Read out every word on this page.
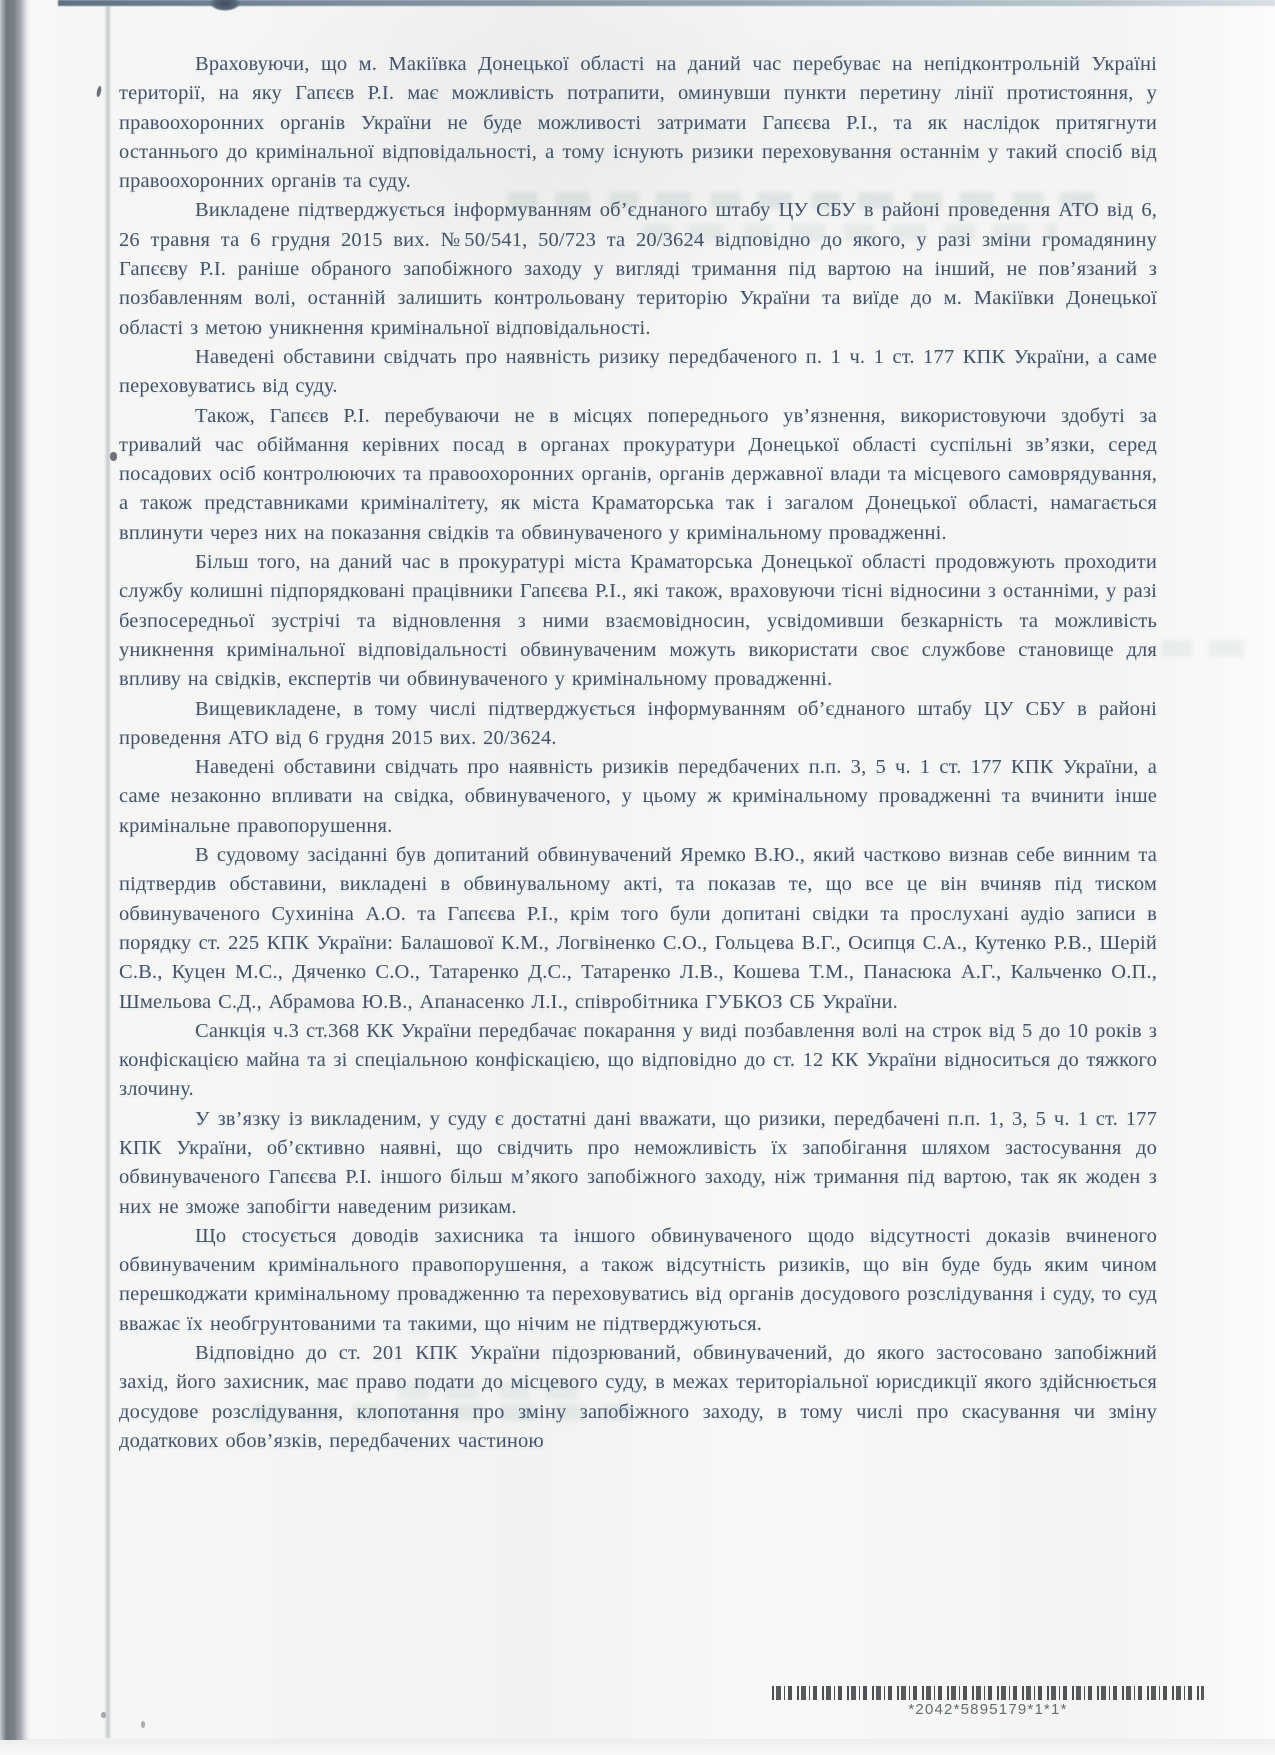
Враховуючи, що м. Макіївка Донецької області на даний час перебуває на непідконтрольній Україні території, на яку Гапєєв Р.І. має можливість потрапити, оминувши пункти перетину лінії протистояння, у правоохоронних органів України не буде можливості затримати Гапєєва Р.І., та як наслідок притягнути останнього до кримінальної відповідальності, а тому існують ризики переховування останнім у такий спосіб від правоохоронних органів та суду.

Викладене підтверджується інформуванням об’єднаного штабу ЦУ СБУ в районі проведення АТО від 6, 26 травня та 6 грудня 2015 вих. №50/541, 50/723 та 20/3624 відповідно до якого, у разі зміни громадянину Гапєєву Р.І. раніше обраного запобіжного заходу у вигляді тримання під вартою на інший, не пов’язаний з позбавленням волі, останній залишить контрольовану територію України та виїде до м. Макіївки Донецької області з метою уникнення кримінальної відповідальності.

Наведені обставини свідчать про наявність ризику передбаченого п. 1 ч. 1 ст. 177 КПК України, а саме переховуватись від суду.

Також, Гапєєв Р.І. перебуваючи не в місцях попереднього ув’язнення, використовуючи здобуті за тривалий час обіймання керівних посад в органах прокуратури Донецької області суспільні зв’язки, серед посадових осіб контролюючих та правоохоронних органів, органів державної влади та місцевого самоврядування, а також представниками криміналітету, як міста Краматорська так і загалом Донецької області, намагається вплинути через них на показання свідків та обвинуваченого у кримінальному провадженні.

Більш того, на даний час в прокуратурі міста Краматорська Донецької області продовжують проходити службу колишні підпорядковані працівники Гапєєва Р.І., які також, враховуючи тісні відносини з останніми, у разі безпосередньої зустрічі та відновлення з ними взаємовідносин, усвідомивши безкарність та можливість уникнення кримінальної відповідальності обвинуваченим можуть використати своє службове становище для впливу на свідків, експертів чи обвинуваченого у кримінальному провадженні.

Вищевикладене, в тому числі підтверджується інформуванням об’єднаного штабу ЦУ СБУ в районі проведення АТО від 6 грудня 2015 вих. 20/3624.

Наведені обставини свідчать про наявність ризиків передбачених п.п. 3, 5 ч. 1 ст. 177 КПК України, а саме незаконно впливати на свідка, обвинуваченого, у цьому ж кримінальному провадженні та вчинити інше кримінальне правопорушення.

В судовому засіданні був допитаний обвинувачений Яремко В.Ю., який частково визнав себе винним та підтвердив обставини, викладені в обвинувальному акті, та показав те, що все це він вчиняв під тиском обвинуваченого Сухиніна А.О. та Гапєєва Р.І., крім того були допитані свідки та прослухані аудіо записи в порядку ст. 225 КПК України: Балашової К.М., Логвіненко С.О., Гольцева В.Г., Осипця С.А., Кутенко Р.В., Шерій С.В., Куцен М.С., Дяченко С.О., Татаренко Д.С., Татаренко Л.В., Кошева Т.М., Панасюка А.Г., Кальченко О.П., Шмельова С.Д., Абрамова Ю.В., Апанасенко Л.І., співробітника ГУБКОЗ СБ України.

Санкція ч.3 ст.368 КК України передбачає покарання у виді позбавлення волі на строк від 5 до 10 років з конфіскацією майна та зі спеціальною конфіскацією, що відповідно до ст. 12 КК України відноситься до тяжкого злочину.

У зв’язку із викладеним, у суду є достатні дані вважати, що ризики, передбачені п.п. 1, 3, 5 ч. 1 ст. 177 КПК України, об’єктивно наявні, що свідчить про неможливість їх запобігання шляхом застосування до обвинуваченого Гапєєва Р.І. іншого більш м’якого запобіжного заходу, ніж тримання під вартою, так як жоден з них не зможе запобігти наведеним ризикам.

Що стосується доводів захисника та іншого обвинуваченого щодо відсутності доказів вчиненого обвинуваченим кримінального правопорушення, а також відсутність ризиків, що він буде будь яким чином перешкоджати кримінальному провадженню та переховуватись від органів досудового розслідування і суду, то суд вважає їх необгрунтованими та такими, що нічим не підтверджуються.

Відповідно до ст. 201 КПК України підозрюваний, обвинувачений, до якого застосовано запобіжний захід, його захисник, має право подати до місцевого суду, в межах територіальної юрисдикції якого здійснюється досудове розслідування, клопотання про зміну запобіжного заходу, в тому числі про скасування чи зміну додаткових обов’язків, передбачених частиною

*2042*5895179*1*1*
